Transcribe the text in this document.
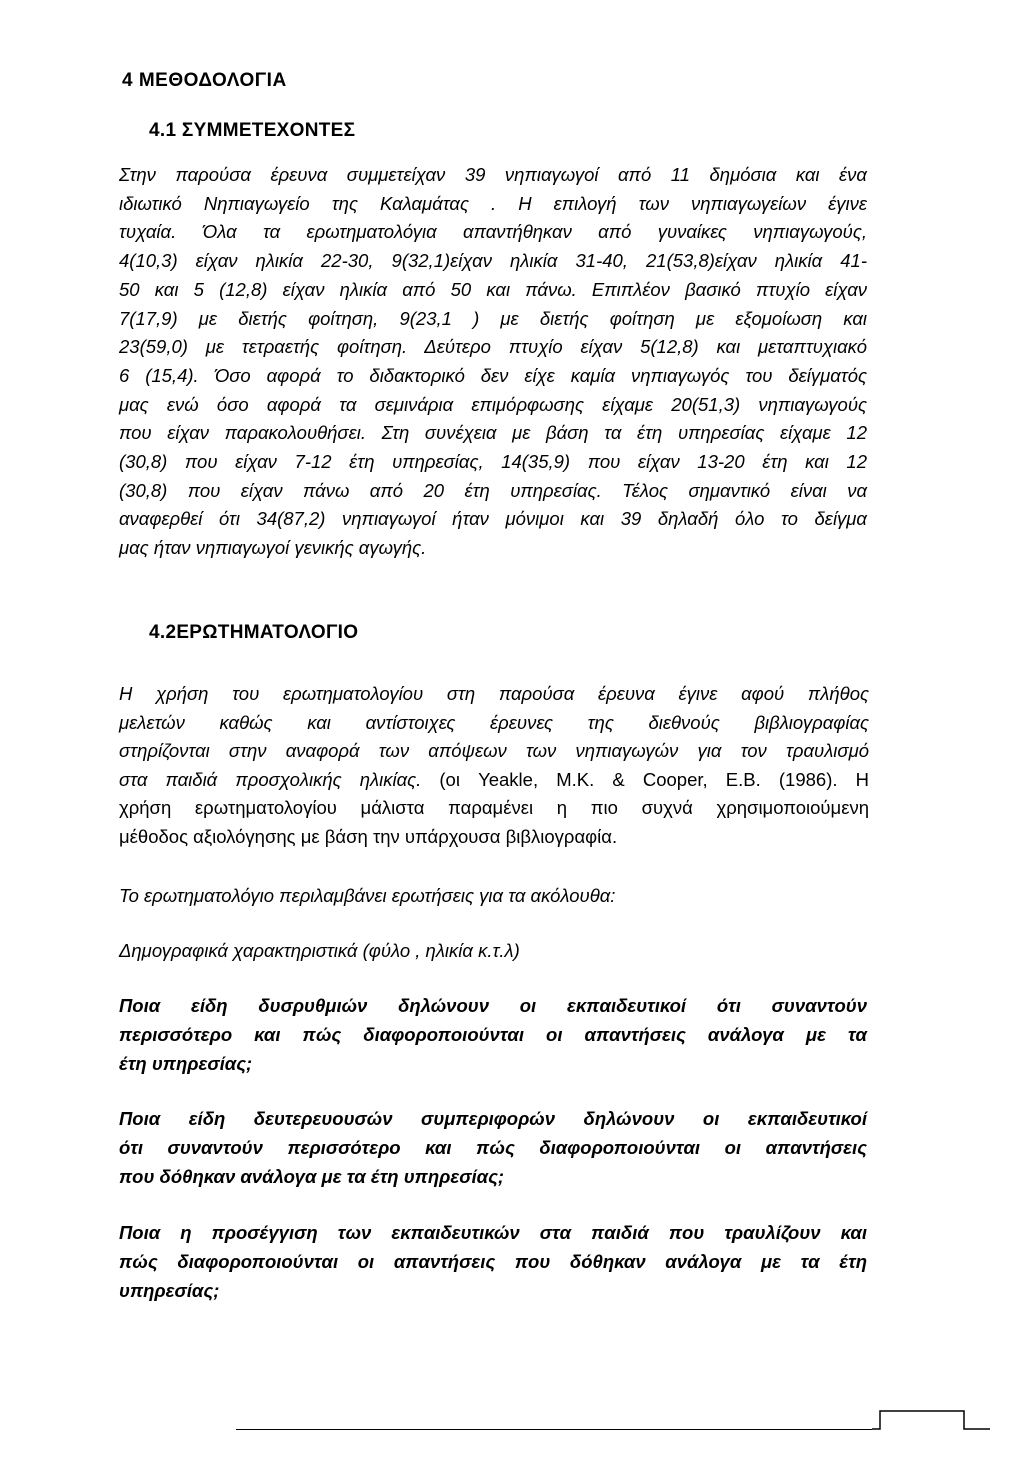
4 ΜΕΘΟΔΟΛΟΓΙΑ
4.1 ΣΥΜΜΕΤΕΧΟΝΤΕΣ
Στην παρούσα έρευνα συμμετείχαν 39 νηπιαγωγοί από 11 δημόσια και ένα
ιδιωτικό Νηπιαγωγείο της Καλαμάτας . Η επιλογή των νηπιαγωγείων έγινε
τυχαία. Όλα τα ερωτηματολόγια απαντήθηκαν από γυναίκες νηπιαγωγούς,
4(10,3) είχαν ηλικία 22-30, 9(32,1)είχαν ηλικία 31-40, 21(53,8)είχαν ηλικία 41-
50 και 5 (12,8) είχαν ηλικία από 50 και πάνω. Επιπλέον βασικό πτυχίο είχαν
7(17,9) με διετής φοίτηση, 9(23,1 ) με διετής φοίτηση με εξομοίωση και
23(59,0) με τετραετής φοίτηση. Δεύτερο πτυχίο είχαν 5(12,8) και μεταπτυχιακό
6 (15,4). Όσο αφορά το διδακτορικό δεν είχε καμία νηπιαγωγός του δείγματός
μας ενώ όσο αφορά τα σεμινάρια επιμόρφωσης είχαμε 20(51,3) νηπιαγωγούς
που είχαν παρακολουθήσει. Στη συνέχεια με βάση τα έτη υπηρεσίας είχαμε 12
(30,8) που είχαν 7-12 έτη υπηρεσίας, 14(35,9) που είχαν 13-20 έτη και 12
(30,8) που είχαν πάνω από 20 έτη υπηρεσίας. Τέλος σημαντικό είναι να
αναφερθεί ότι 34(87,2) νηπιαγωγοί ήταν μόνιμοι και 39 δηλαδή όλο το δείγμα
μας ήταν νηπιαγωγοί γενικής αγωγής.
4.2ΕΡΩΤΗΜΑΤΟΛΟΓΙΟ
Η χρήση του ερωτηματολογίου στη παρούσα έρευνα έγινε αφού πλήθος
μελετών καθώς και αντίστοιχες έρευνες της διεθνούς βιβλιογραφίας
στηρίζονται στην αναφορά των απόψεων των νηπιαγωγών για τον τραυλισμό
στα παιδιά προσχολικής ηλικίας. (οι Yeakle, M.K. & Cooper, E.B. (1986). Η
χρήση ερωτηματολογίου μάλιστα παραμένει η πιο συχνά χρησιμοποιούμενη
μέθοδος αξιολόγησης με βάση την υπάρχουσα βιβλιογραφία.

Το ερωτηματολόγιο περιλαμβάνει ερωτήσεις για τα ακόλουθα:

Δημογραφικά χαρακτηριστικά (φύλο , ηλικία κ.τ.λ)

Ποια είδη δυσρυθμιών δηλώνουν οι εκπαιδευτικοί ότι συναντούν
περισσότερο και πώς διαφοροποιούνται οι απαντήσεις ανάλογα με τα
έτη υπηρεσίας;
Ποια είδη δευτερευουσών συμπεριφορών δηλώνουν οι εκπαιδευτικοί
ότι συναντούν περισσότερο και πώς διαφοροποιούνται οι απαντήσεις
που δόθηκαν ανάλογα με τα έτη υπηρεσίας;
Ποια η προσέγγιση των εκπαιδευτικών στα παιδιά που τραυλίζουν και
πώς διαφοροποιούνται οι απαντήσεις που δόθηκαν ανάλογα με τα έτη
υπηρεσίας;
